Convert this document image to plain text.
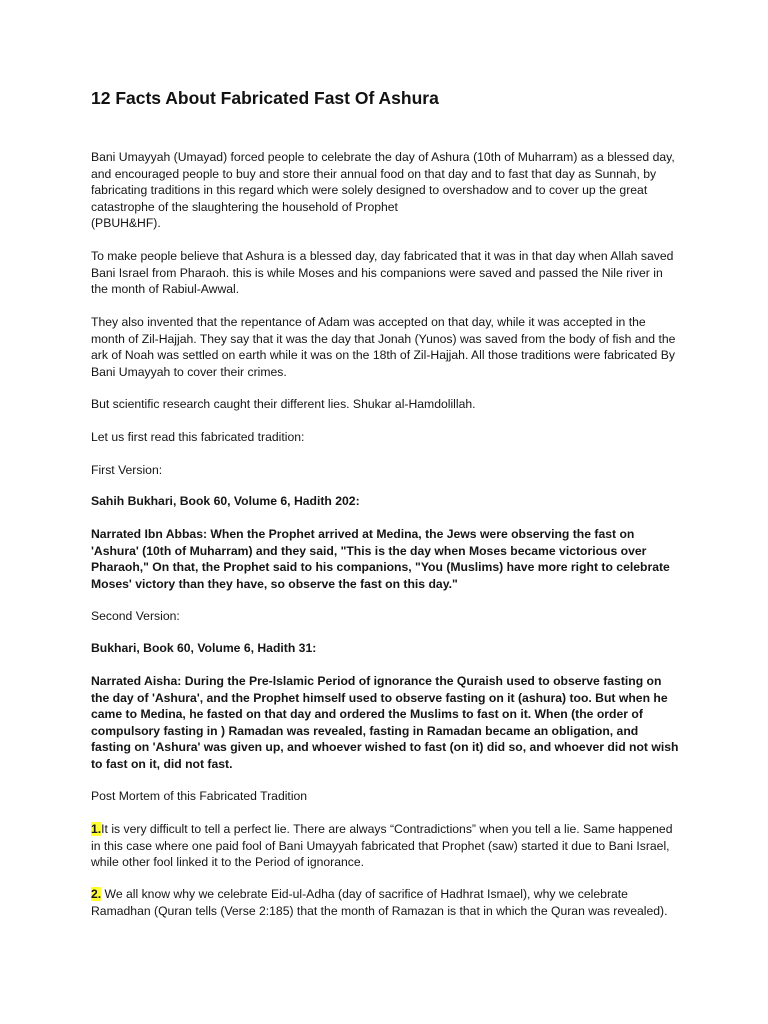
12 Facts About Fabricated Fast Of Ashura

Bani Umayyah (Umayad) forced people to celebrate the day of Ashura (10th of Muharram) as a blessed day, and encouraged people to buy and store their annual food on that day and to fast that day as Sunnah, by fabricating traditions in this regard which were solely designed to overshadow and to cover up the great catastrophe of the slaughtering the household of Prophet

(PBUH&HF).

To make people believe that Ashura is a blessed day, day fabricated that it was in that day when Allah saved Bani Israel from Pharaoh. this is while Moses and his companions were saved and passed the Nile river in the month of Rabiul-Awwal.

They also invented that the repentance of Adam was accepted on that day, while it was accepted in the month of Zil-Hajjah. They say that it was the day that Jonah (Yunos) was saved from the body of fish and the ark of Noah was settled on earth while it was on the 18th of Zil-Hajjah. All those traditions were fabricated By Bani Umayyah to cover their crimes.

But scientific research caught their different lies. Shukar al-Hamdolillah.

Let us first read this fabricated tradition:

First Version:

Sahih Bukhari, Book 60, Volume 6, Hadith 202:

Narrated Ibn Abbas: When the Prophet arrived at Medina, the Jews were observing the fast on 'Ashura' (10th of Muharram) and they said, "This is the day when Moses became victorious over Pharaoh," On that, the Prophet said to his companions, "You (Muslims) have more right to celebrate Moses' victory than they have, so observe the fast on this day."

Second Version:

Bukhari, Book 60, Volume 6, Hadith 31:

Narrated Aisha: During the Pre-lslamic Period of ignorance the Quraish used to observe fasting on the day of 'Ashura', and the Prophet himself used to observe fasting on it (ashura) too. But when he came to Medina, he fasted on that day and ordered the Muslims to fast on it. When (the order of compulsory fasting in ) Ramadan was revealed, fasting in Ramadan became an obligation, and fasting on 'Ashura' was given up, and whoever wished to fast (on it) did so, and whoever did not wish to fast on it, did not fast.

Post Mortem of this Fabricated Tradition

1.It is very difficult to tell a perfect lie. There are always “Contradictions” when you tell a lie. Same happened in this case where one paid fool of Bani Umayyah fabricated that Prophet (saw) started it due to Bani Israel, while other fool linked it to the Period of ignorance.

2. We all know why we celebrate Eid-ul-Adha (day of sacrifice of Hadhrat Ismael), why we celebrate Ramadhan (Quran tells (Verse 2:185) that the month of Ramazan is that in which the Quran was revealed).
